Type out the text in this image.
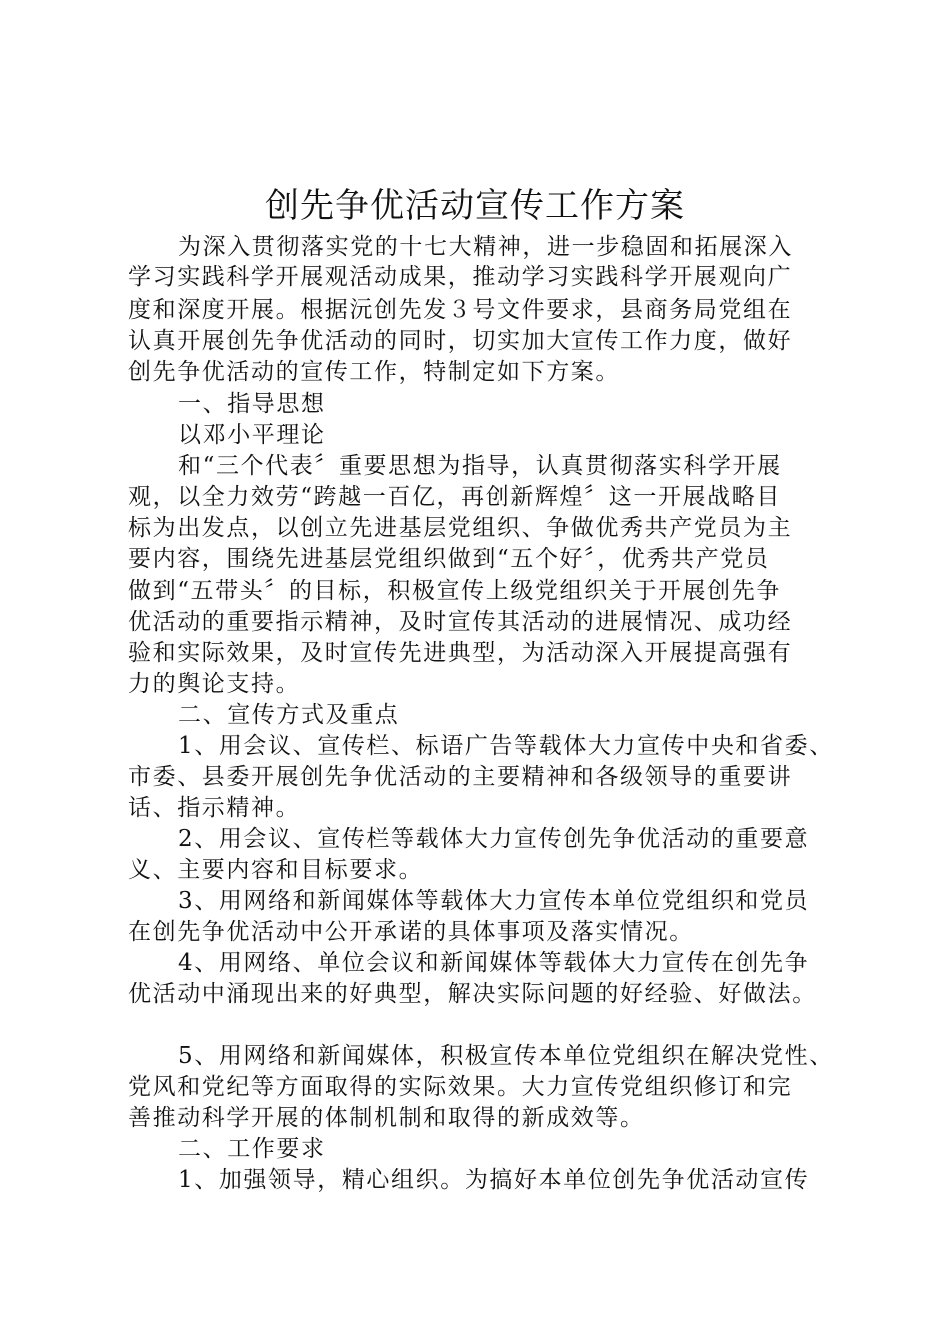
创先争优活动宣传工作方案

为深入贯彻落实党的十七大精神，进一步稳固和拓展深入

学习实践科学开展观活动成果，推动学习实践科学开展观向广

度和深度开展。根据沅创先发３号文件要求，县商务局党组在

认真开展创先争优活动的同时，切实加大宣传工作力度，做好

创先争优活动的宣传工作，特制定如下方案。

一、指导思想

以邓小平理论

和“三个代表〞重要思想为指导，认真贯彻落实科学开展

观，以全力效劳“跨越一百亿，再创新辉煌〞这一开展战略目

标为出发点，以创立先进基层党组织、争做优秀共产党员为主

要内容，围绕先进基层党组织做到“五个好〞，优秀共产党员

做到“五带头〞的目标，积极宣传上级党组织关于开展创先争

优活动的重要指示精神，及时宣传其活动的进展情况、成功经

验和实际效果，及时宣传先进典型，为活动深入开展提高强有

力的舆论支持。

二、宣传方式及重点

1、用会议、宣传栏、标语广告等载体大力宣传中央和省委、

市委、县委开展创先争优活动的主要精神和各级领导的重要讲

话、指示精神。

2、用会议、宣传栏等载体大力宣传创先争优活动的重要意

义、主要内容和目标要求。

3、用网络和新闻媒体等载体大力宣传本单位党组织和党员

在创先争优活动中公开承诺的具体事项及落实情况。

4、用网络、单位会议和新闻媒体等载体大力宣传在创先争

优活动中涌现出来的好典型，解决实际问题的好经验、好做法。

5、用网络和新闻媒体，积极宣传本单位党组织在解决党性、

党风和党纪等方面取得的实际效果。大力宣传党组织修订和完

善推动科学开展的体制机制和取得的新成效等。

二、工作要求

1、加强领导，精心组织。为搞好本单位创先争优活动宣传
